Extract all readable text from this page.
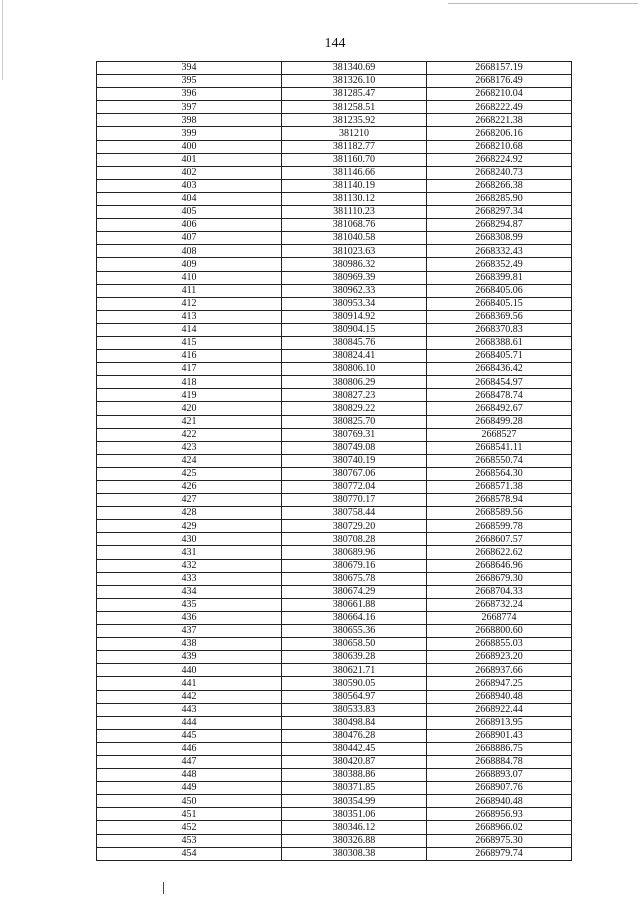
144
394	381340.69	2668157.19
395	381326.10	2668176.49
396	381285.47	2668210.04
397	381258.51	2668222.49
398	381235.92	2668221.38
399	381210	2668206.16
400	381182.77	2668210.68
401	381160.70	2668224.92
402	381146.66	2668240.73
403	381140.19	2668266.38
404	381130.12	2668285.90
405	381110.23	2668297.34
406	381068.76	2668294.87
407	381040.58	2668308.99
408	381023.63	2668332.43
409	380986.32	2668352.49
410	380969.39	2668399.81
411	380962.33	2668405.06
412	380953.34	2668405.15
413	380914.92	2668369.56
414	380904.15	2668370.83
415	380845.76	2668388.61
416	380824.41	2668405.71
417	380806.10	2668436.42
418	380806.29	2668454.97
419	380827.23	2668478.74
420	380829.22	2668492.67
421	380825.70	2668499.28
422	380769.31	2668527
423	380749.08	2668541.11
424	380740.19	2668550.74
425	380767.06	2668564.30
426	380772.04	2668571.38
427	380770.17	2668578.94
428	380758.44	2668589.56
429	380729.20	2668599.78
430	380708.28	2668607.57
431	380689.96	2668622.62
432	380679.16	2668646.96
433	380675.78	2668679.30
434	380674.29	2668704.33
435	380661.88	2668732.24
436	380664.16	2668774
437	380655.36	2668800.60
438	380658.50	2668855.03
439	380639.28	2668923.20
440	380621.71	2668937.66
441	380590.05	2668947.25
442	380564.97	2668940.48
443	380533.83	2668922.44
444	380498.84	2668913.95
445	380476.28	2668901.43
446	380442.45	2668886.75
447	380420.87	2668884.78
448	380388.86	2668893.07
449	380371.85	2668907.76
450	380354.99	2668940.48
451	380351.06	2668956.93
452	380346.12	2668966.02
453	380326.88	2668975.30
454	380308.38	2668979.74
